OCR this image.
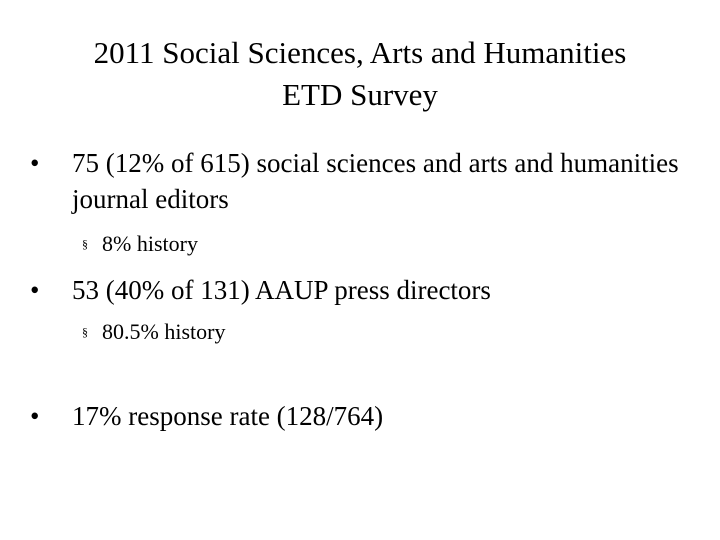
2011 Social Sciences, Arts and Humanities
ETD Survey
•	75 (12% of 615) social sciences and arts and humanities journal editors
§ 8% history
•	53 (40% of 131) AAUP press directors
§ 80.5% history
•	17% response rate (128/764)
